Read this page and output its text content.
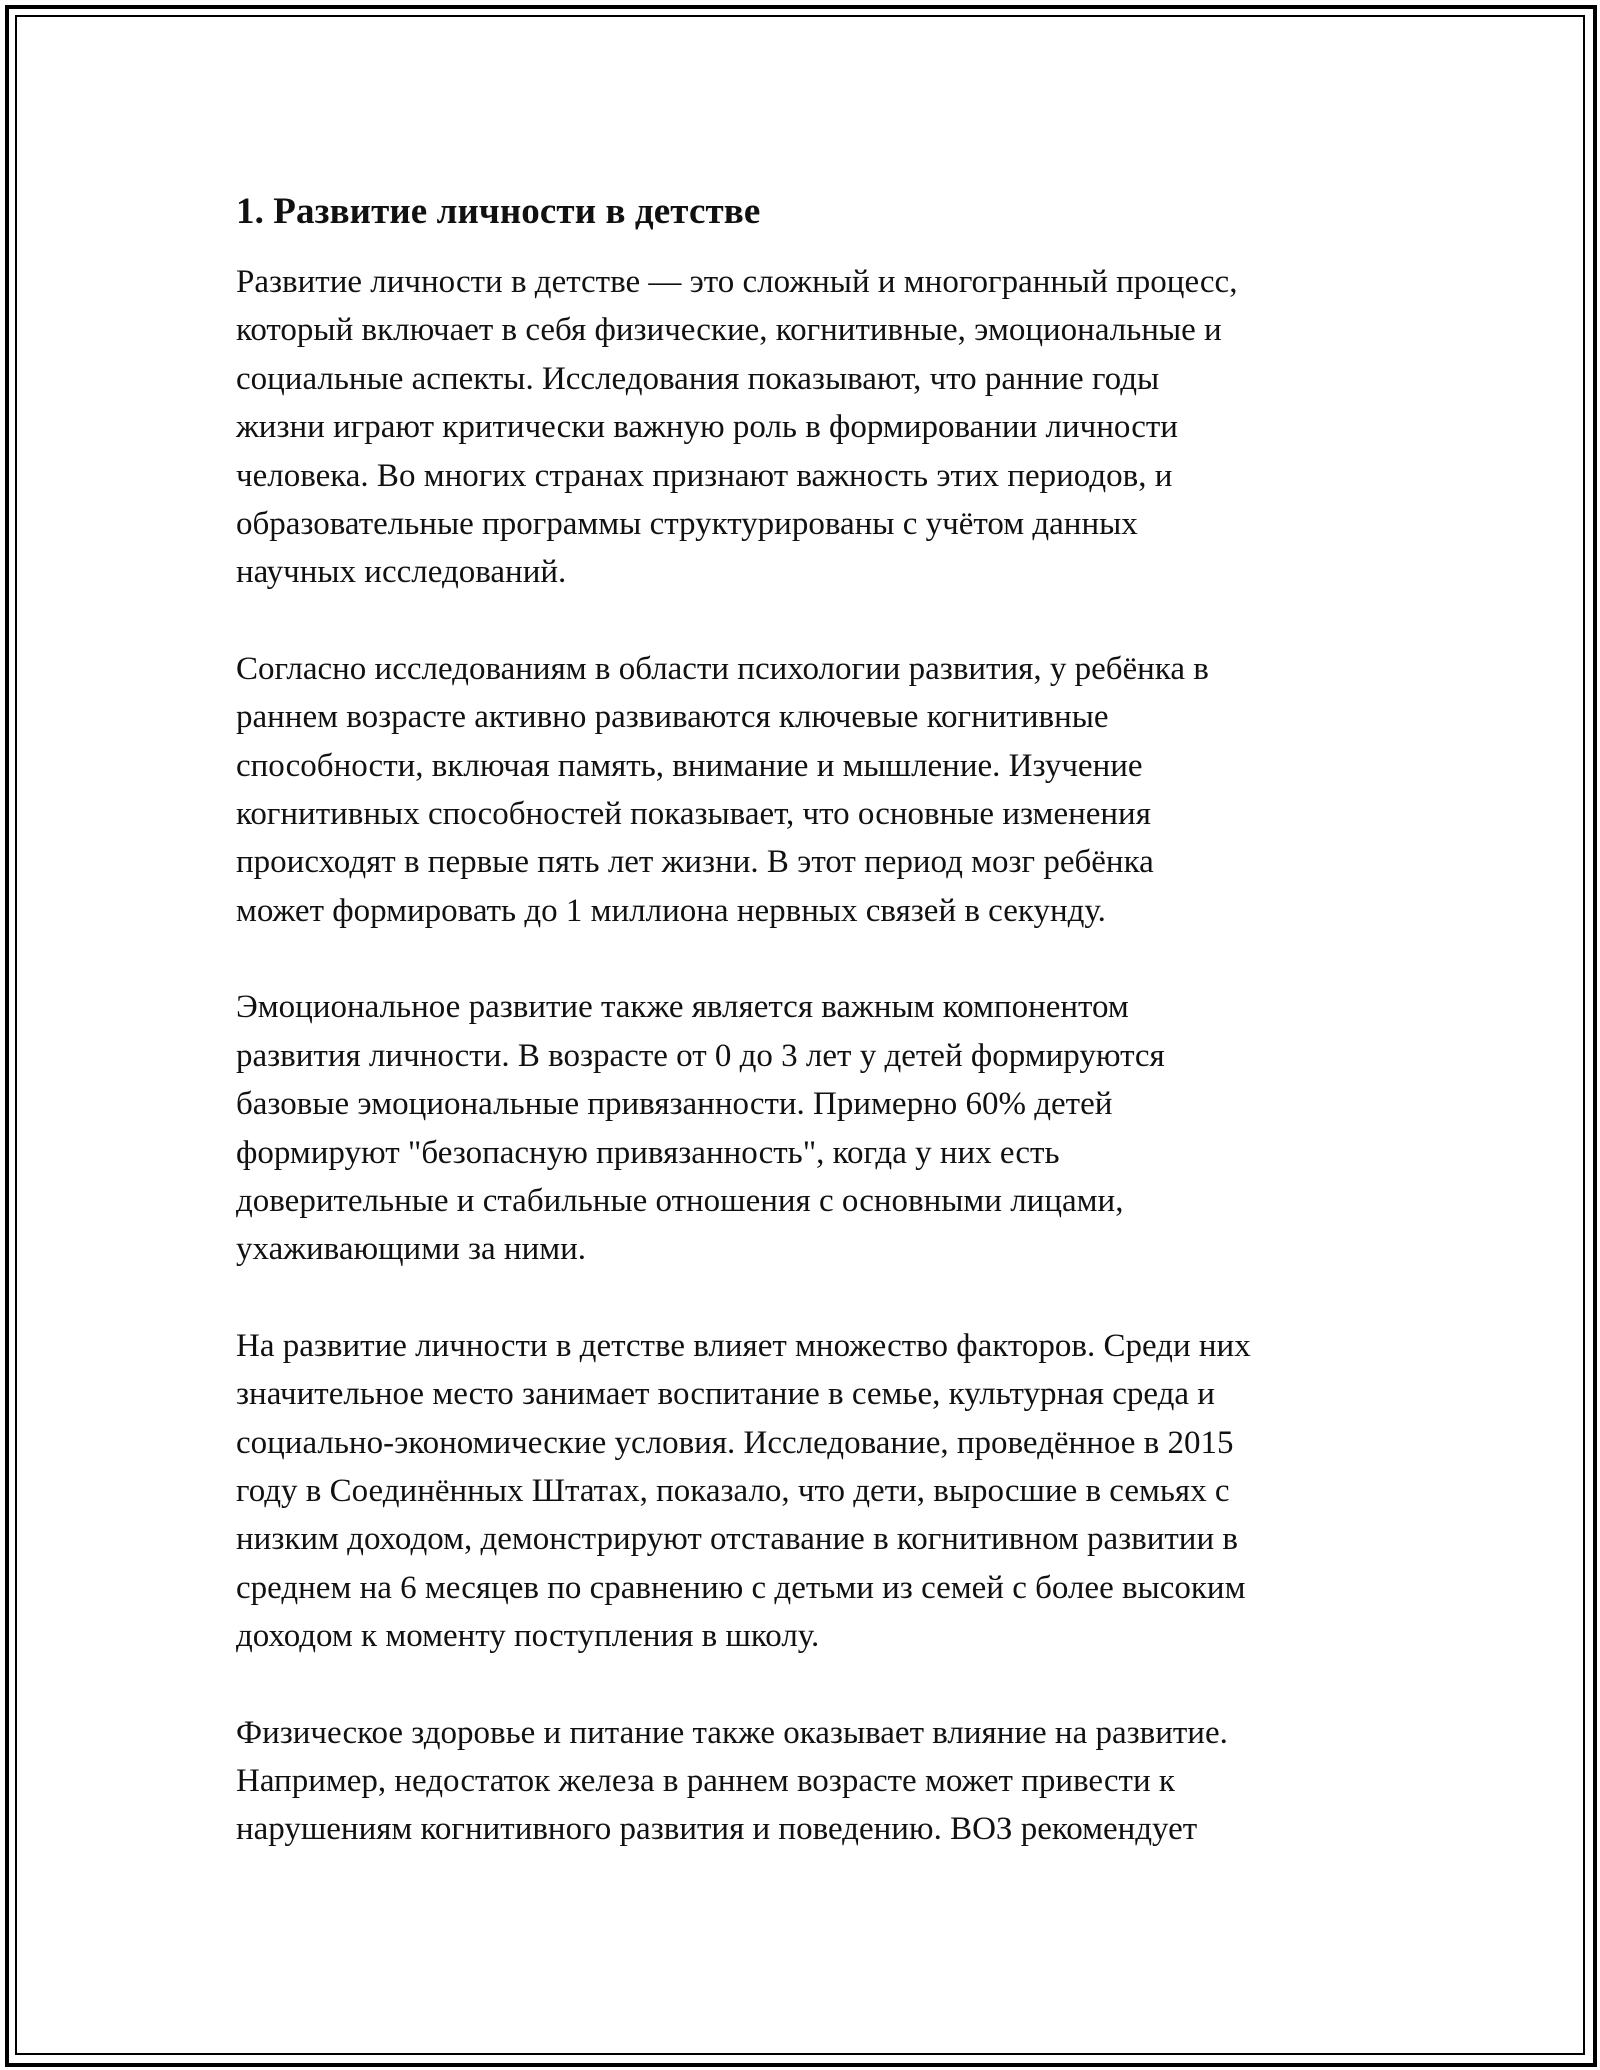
1. Развитие личности в детстве

Развитие личности в детстве — это сложный и многогранный процесс,
который включает в себя физические, когнитивные, эмоциональные и
социальные аспекты. Исследования показывают, что ранние годы
жизни играют критически важную роль в формировании личности
человека. Во многих странах признают важность этих периодов, и
образовательные программы структурированы с учётом данных
научных исследований.

Согласно исследованиям в области психологии развития, у ребёнка в
раннем возрасте активно развиваются ключевые когнитивные
способности, включая память, внимание и мышление. Изучение
когнитивных способностей показывает, что основные изменения
происходят в первые пять лет жизни. В этот период мозг ребёнка
может формировать до 1 миллиона нервных связей в секунду.

Эмоциональное развитие также является важным компонентом
развития личности. В возрасте от 0 до 3 лет у детей формируются
базовые эмоциональные привязанности. Примерно 60% детей
формируют "безопасную привязанность", когда у них есть
доверительные и стабильные отношения с основными лицами,
ухаживающими за ними.

На развитие личности в детстве влияет множество факторов. Среди них
значительное место занимает воспитание в семье, культурная среда и
социально-экономические условия. Исследование, проведённое в 2015
году в Соединённых Штатах, показало, что дети, выросшие в семьях с
низким доходом, демонстрируют отставание в когнитивном развитии в
среднем на 6 месяцев по сравнению с детьми из семей с более высоким
доходом к моменту поступления в школу.

Физическое здоровье и питание также оказывает влияние на развитие.
Например, недостаток железа в раннем возрасте может привести к
нарушениям когнитивного развития и поведению. ВОЗ рекомендует
